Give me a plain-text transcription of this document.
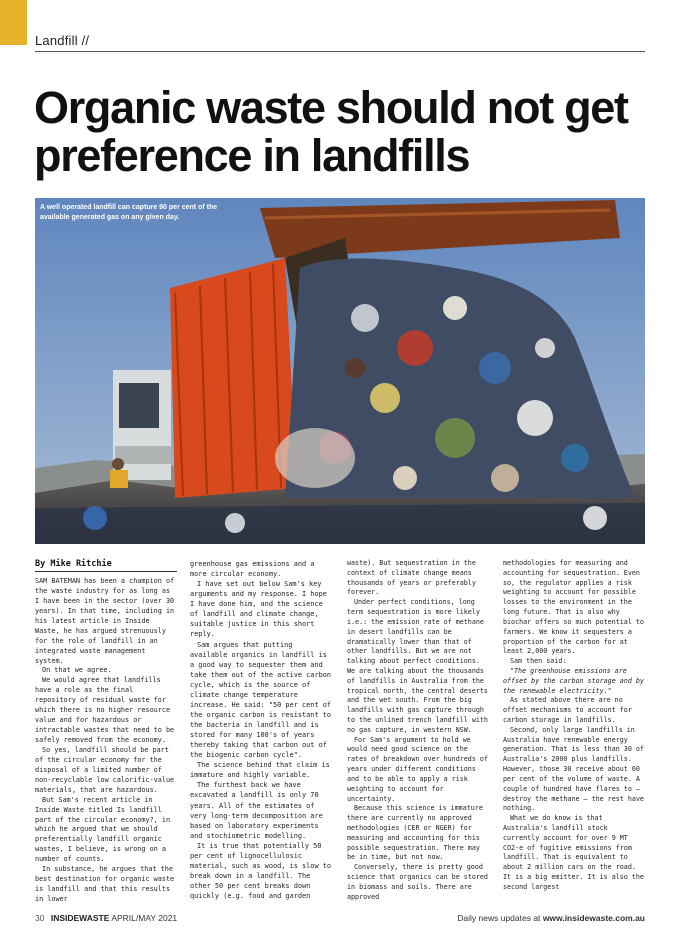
Landfill //
Organic waste should not get
preference in landfills
A well operated landfill can capture 90 per cent of the available generated gas on any given day.
By Mike Ritchie

SAM BATEMAN has been a champion of the waste industry for as long as I have been in the sector (over 30 years). In that time, including in his latest article in Inside Waste, he has argued strenuously for the role of landfill in an integrated waste management system.

On that we agree.

We would agree that landfills have a role as the final repository of residual waste for which there is no higher resource value and for hazardous or intractable wastes that need to be safely removed from the economy.

So yes, landfill should be part of the circular economy for the disposal of a limited number of non-recyclable low calorific-value materials, that are hazardous.

But Sam's recent article in Inside Waste titled Is landfill part of the circular economy?, in which he argued that we should preferentially landfill organic wastes, I believe, is wrong on a number of counts.

In substance, he argues that the best destination for organic waste is landfill and that this results in lower

greenhouse gas emissions and a more circular economy.

I have set out below Sam's key arguments and my response. I hope I have done him, and the science of landfill and climate change, suitable justice in this short reply.

Sam argues that putting available organics in landfill is a good way to sequester them and take them out of the active carbon cycle, which is the source of climate change temperature increase. He said: "50 per cent of the organic carbon is resistant to the bacteria in landfill and is stored for many 100's of years thereby taking that carbon out of the biogenic carbon cycle".

The science behind that claim is immature and highly variable.

The furthest back we have excavated a landfill is only 70 years. All of the estimates of very long-term decomposition are based on laboratory experiments and stochiometric modelling.

It is true that potentially 50 per cent of lignocellulosic material, such as wood, is slow to break down in a landfill. The other 50 per cent breaks down quickly (e.g. food and garden

waste). But sequestration in the context of climate change means thousands of years or preferably forever.

Under perfect conditions, long term sequestration is more likely i.e.: the emission rate of methane in desert landfills can be dramatically lower than that of other landfills. But we are not talking about perfect conditions. We are talking about the thousands of landfills in Australia from the tropical north, the central deserts and the wet south. From the big landfills with gas capture through to the unlined trench landfill with no gas capture, in western NSW.

For Sam's argument to hold we would need good science on the rates of breakdown over hundreds of years under different conditions and to be able to apply a risk weighting to account for uncertainty.

Because this science is immature there are currently no approved methodologies (CER or NGER) for measuring and accounting for this possible sequestration. There may be in time, but not now.

Conversely, there is pretty good science that organics can be stored in biomass and soils. There are approved

methodologies for measuring and accounting for sequestration. Even so, the regulator applies a risk weighting to account for possible losses to the environment in the long future. That is also why biochar offers so much potential to farmers. We know it sequesters a proportion of the carbon for at least 2,000 years.

Sam then said:

"The greenhouse emissions are offset by the carbon storage and by the renewable electricity."

As stated above there are no offset mechanisms to account for carbon storage in landfills.

Second, only large landfills in Australia have renewable energy generation. That is less than 30 of Australia's 2000 plus landfills. However, those 30 receive about 60 per cent of the volume of waste. A couple of hundred have flares to – destroy the methane – the rest have nothing.

What we do know is that Australia's landfill stock currently account for over 9 MT CO2-e of fugitive emissions from landfill. That is equivalent to about 2 million cars on the road. It is a big emitter. It is also the second largest

30 INSIDEWASTE APRIL/MAY 2021	Daily news updates at www.insidewaste.com.au
